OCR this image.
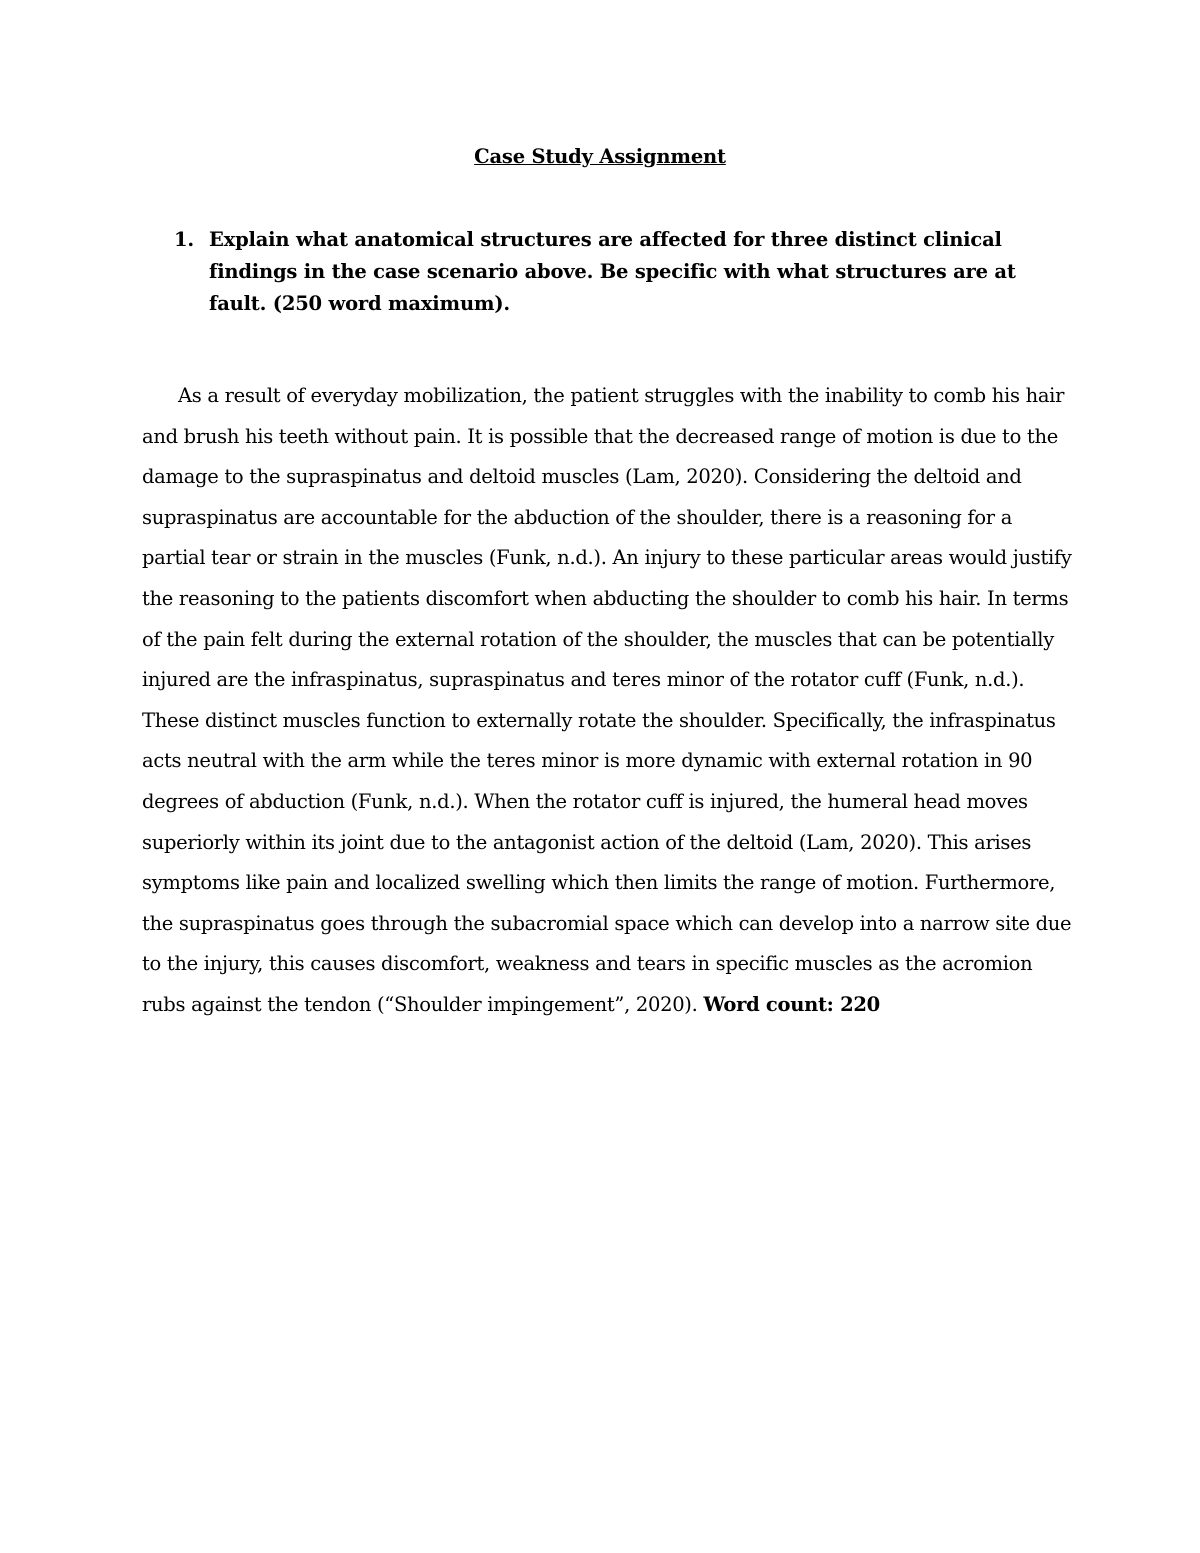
Case Study Assignment
1. Explain what anatomical structures are affected for three distinct clinical findings in the case scenario above. Be specific with what structures are at fault. (250 word maximum).

As a result of everyday mobilization, the patient struggles with the inability to comb his hair and brush his teeth without pain. It is possible that the decreased range of motion is due to the damage to the supraspinatus and deltoid muscles (Lam, 2020). Considering the deltoid and supraspinatus are accountable for the abduction of the shoulder, there is a reasoning for a partial tear or strain in the muscles (Funk, n.d.). An injury to these particular areas would justify the reasoning to the patients discomfort when abducting the shoulder to comb his hair. In terms of the pain felt during the external rotation of the shoulder, the muscles that can be potentially injured are the infraspinatus, supraspinatus and teres minor of the rotator cuff (Funk, n.d.). These distinct muscles function to externally rotate the shoulder. Specifically, the infraspinatus acts neutral with the arm while the teres minor is more dynamic with external rotation in 90 degrees of abduction (Funk, n.d.). When the rotator cuff is injured, the humeral head moves superiorly within its joint due to the antagonist action of the deltoid (Lam, 2020). This arises symptoms like pain and localized swelling which then limits the range of motion. Furthermore, the supraspinatus goes through the subacromial space which can develop into a narrow site due to the injury, this causes discomfort, weakness and tears in specific muscles as the acromion rubs against the tendon (“Shoulder impingement”, 2020). Word count: 220
